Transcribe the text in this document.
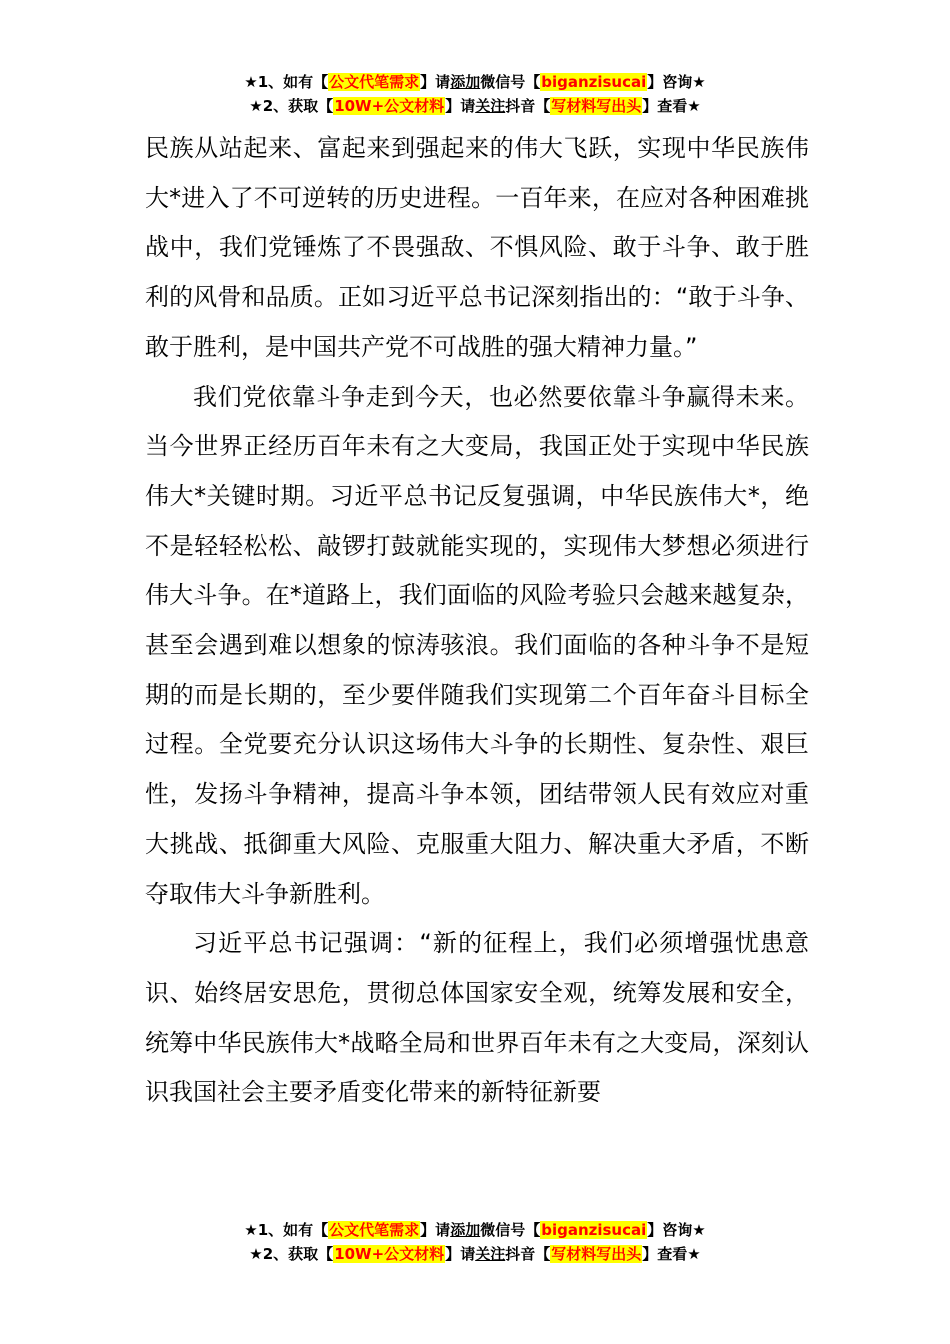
★1、如有【公文代笔需求】请添加微信号【biganzisucai】咨询★
★2、获取【10W+公文材料】请关注抖音【写材料写出头】查看★

民族从站起来、富起来到强起来的伟大飞跃，实现中华民族伟大*进入了不可逆转的历史进程。一百年来，在应对各种困难挑战中，我们党锤炼了不畏强敌、不惧风险、敢于斗争、敢于胜利的风骨和品质。正如习近平总书记深刻指出的：“敢于斗争、敢于胜利，是中国共产党不可战胜的强大精神力量。”

我们党依靠斗争走到今天，也必然要依靠斗争赢得未来。当今世界正经历百年未有之大变局，我国正处于实现中华民族伟大*关键时期。习近平总书记反复强调，中华民族伟大*，绝不是轻轻松松、敲锣打鼓就能实现的，实现伟大梦想必须进行伟大斗争。在*道路上，我们面临的风险考验只会越来越复杂，甚至会遇到难以想象的惊涛骇浪。我们面临的各种斗争不是短期的而是长期的，至少要伴随我们实现第二个百年奋斗目标全过程。全党要充分认识这场伟大斗争的长期性、复杂性、艰巨性，发扬斗争精神，提高斗争本领，团结带领人民有效应对重大挑战、抵御重大风险、克服重大阻力、解决重大矛盾，不断夺取伟大斗争新胜利。

习近平总书记强调：“新的征程上，我们必须增强忧患意识、始终居安思危，贯彻总体国家安全观，统筹发展和安全，统筹中华民族伟大*战略全局和世界百年未有之大变局，深刻认识我国社会主要矛盾变化带来的新特征新要

★1、如有【公文代笔需求】请添加微信号【biganzisucai】咨询★
★2、获取【10W+公文材料】请关注抖音【写材料写出头】查看★
